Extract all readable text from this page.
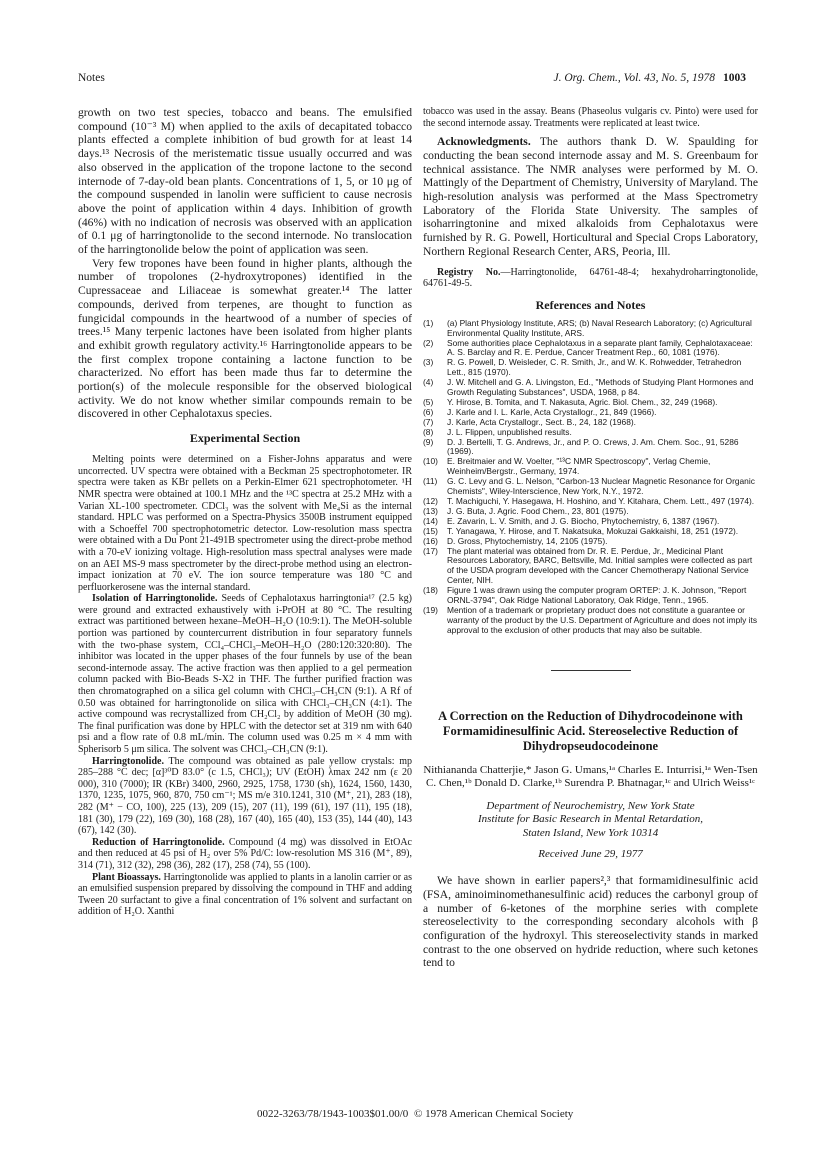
Notes	J. Org. Chem., Vol. 43, No. 5, 1978 1003

growth on two test species, tobacco and beans. The emulsified compound (10⁻³ M) when applied to the axils of decapitated tobacco plants effected a complete inhibition of bud growth for at least 14 days.¹³ Necrosis of the meristematic tissue usually occurred and was also observed in the application of the tropone lactone to the second internode of 7-day-old bean plants. Concentrations of 1, 5, or 10 μg of the compound suspended in lanolin were sufficient to cause necrosis above the point of application within 4 days. Inhibition of growth (46%) with no indication of necrosis was observed with an application of 0.1 μg of harringtonolide to the second internode. No translocation of the harringtonolide below the point of application was seen.

Very few tropones have been found in higher plants, although the number of tropolones (2-hydroxytropones) identified in the Cupressaceae and Liliaceae is somewhat greater.¹⁴ The latter compounds, derived from terpenes, are thought to function as fungicidal compounds in the heartwood of a number of species of trees.¹⁵ Many terpenic lactones have been isolated from higher plants and exhibit growth regulatory activity.¹⁶ Harringtonolide appears to be the first complex tropone containing a lactone function to be characterized. No effort has been made thus far to determine the portion(s) of the molecule responsible for the observed biological activity. We do not know whether similar compounds remain to be discovered in other Cephalotaxus species.

Experimental Section

Melting points were determined on a Fisher-Johns apparatus and were uncorrected. UV spectra were obtained with a Beckman 25 spectrophotometer. IR spectra were taken as KBr pellets on a Perkin-Elmer 621 spectrophotometer. ¹H NMR spectra were obtained at 100.1 MHz and the ¹³C spectra at 25.2 MHz with a Varian XL-100 spectrometer. CDCl₃ was the solvent with Me₄Si as the internal standard. HPLC was performed on a Spectra-Physics 3500B instrument equipped with a Schoeffel 700 spectrophotometric detector. Low-resolution mass spectra were obtained with a Du Pont 21-491B spectrometer using the direct-probe method with a 70-eV ionizing voltage. High-resolution mass spectral analyses were made on an AEI MS-9 mass spectrometer by the direct-probe method using an electron-impact ionization at 70 eV. The ion source temperature was 180 °C and perfluorkerosene was the internal standard.

Isolation of Harringtonolide. Seeds of Cephalotaxus harringtonia¹⁷ (2.5 kg) were ground and extracted exhaustively with i-PrOH at 80 °C. The resulting extract was partitioned between hexane–MeOH–H₂O (10:9:1). The MeOH-soluble portion was partioned by countercurrent distribution in four separatory funnels with the two-phase system, CCl₄–CHCl₃–MeOH–H₂O (280:120:320:80). The inhibitor was located in the upper phases of the four funnels by use of the bean second-internode assay. The active fraction was then applied to a gel permeation column packed with Bio-Beads S-X2 in THF. The further purified fraction was then chromatographed on a silica gel column with CHCl₃–CH₃CN (9:1). A Rf of 0.50 was obtained for harringtonolide on silica with CHCl₃–CH₃CN (4:1). The active compound was recrystallized from CH₂Cl₂ by addition of MeOH (30 mg). The final purification was done by HPLC with the detector set at 319 nm with 640 psi and a flow rate of 0.8 mL/min. The column used was 0.25 m × 4 mm with Spherisorb 5 μm silica. The solvent was CHCl₃–CH₃CN (9:1).

Harringtonolide. The compound was obtained as pale yellow crystals: mp 285–288 °C dec; [α]³⁰D 83.0° (c 1.5, CHCl₃); UV (EtOH) λmax 242 nm (ε 20 000), 310 (7000); IR (KBr) 3400, 2960, 2925, 1758, 1730 (sh), 1624, 1560, 1430, 1370, 1235, 1075, 960, 870, 750 cm⁻¹; MS m/e 310.1241, 310 (M⁺, 21), 283 (18), 282 (M⁺ − CO, 100), 225 (13), 209 (15), 207 (11), 199 (61), 197 (11), 195 (18), 181 (30), 179 (22), 169 (30), 168 (28), 167 (40), 165 (40), 153 (35), 144 (40), 143 (67), 142 (30).

Reduction of Harringtonolide. Compound (4 mg) was dissolved in EtOAc and then reduced at 45 psi of H₂ over 5% Pd/C: low-resolution MS 316 (M⁺, 89), 314 (71), 312 (32), 298 (36), 282 (17), 258 (74), 55 (100).

Plant Bioassays. Harringtonolide was applied to plants in a lanolin carrier or as an emulsified suspension prepared by dissolving the compound in THF and adding Tween 20 surfactant to give a final concentration of 1% solvent and surfactant on addition of H₂O. Xanthi

tobacco was used in the assay. Beans (Phaseolus vulgaris cv. Pinto) were used for the second internode assay. Treatments were replicated at least twice.

Acknowledgments. The authors thank D. W. Spaulding for conducting the bean second internode assay and M. S. Greenbaum for technical assistance. The NMR analyses were performed by M. O. Mattingly of the Department of Chemistry, University of Maryland. The high-resolution analysis was performed at the Mass Spectrometry Laboratory of the Florida State University. The samples of isoharringtonine and mixed alkaloids from Cephalotaxus were furnished by R. G. Powell, Horticultural and Special Crops Laboratory, Northern Regional Research Center, ARS, Peoria, Ill.

Registry No.—Harringtonolide, 64761-48-4; hexahydroharringtonolide, 64761-49-5.

References and Notes
(1)	(a) Plant Physiology Institute, ARS; (b) Naval Research Laboratory; (c) Agricultural Environmental Quality Institute, ARS.
(2)	Some authorities place Cephalotaxus in a separate plant family, Cephalotaxaceae: A. S. Barclay and R. E. Perdue, Cancer Treatment Rep., 60, 1081 (1976).
(3)	R. G. Powell, D. Weisleder, C. R. Smith, Jr., and W. K. Rohwedder, Tetrahedron Lett., 815 (1970).
(4)	J. W. Mitchell and G. A. Livingston, Ed., "Methods of Studying Plant Hormones and Growth Regulating Substances", USDA, 1968, p 84.
(5)	Y. Hirose, B. Tomita, and T. Nakasuta, Agric. Biol. Chem., 32, 249 (1968).
(6)	J. Karle and I. L. Karle, Acta Crystallogr., 21, 849 (1966).
(7)	J. Karle, Acta Crystallogr., Sect. B., 24, 182 (1968).
(8)	J. L. Flippen, unpublished results.
(9)	D. J. Bertelli, T. G. Andrews, Jr., and P. O. Crews, J. Am. Chem. Soc., 91, 5286 (1969).
(10)	E. Breitmaier and W. Voelter, "¹³C NMR Spectroscopy", Verlag Chemie, Weinheim/Bergstr., Germany, 1974.
(11)	G. C. Levy and G. L. Nelson, "Carbon-13 Nuclear Magnetic Resonance for Organic Chemists", Wiley-Interscience, New York, N.Y., 1972.
(12)	T. Machiguchi, Y. Hasegawa, H. Hoshino, and Y. Kitahara, Chem. Lett., 497 (1974).
(13)	J. G. Buta, J. Agric. Food Chem., 23, 801 (1975).
(14)	E. Zavarin, L. V. Smith, and J. G. Biocho, Phytochemistry, 6, 1387 (1967).
(15)	T. Yanagawa, Y. Hirose, and T. Nakatsuka, Mokuzai Gakkaishi, 18, 251 (1972).
(16)	D. Gross, Phytochemistry, 14, 2105 (1975).
(17)	The plant material was obtained from Dr. R. E. Perdue, Jr., Medicinal Plant Resources Laboratory, BARC, Beltsville, Md. Initial samples were collected as part of the USDA program developed with the Cancer Chemotherapy National Service Center, NIH.
(18)	Figure 1 was drawn using the computer program ORTEP: J. K. Johnson, "Report ORNL-3794", Oak Ridge National Laboratory, Oak Ridge, Tenn., 1965.
(19)	Mention of a trademark or proprietary product does not constitute a guarantee or warranty of the product by the U.S. Department of Agriculture and does not imply its approval to the exclusion of other products that may also be suitable.
A Correction on the Reduction of Dihydrocodeinone with Formamidinesulfinic Acid. Stereoselective Reduction of Dihydropseudocodeinone
Nithiananda Chatterjie,* Jason G. Umans,¹ᵃ Charles E. Inturrisi,¹ᵃ Wen-Tsen C. Chen,¹ᵇ Donald D. Clarke,¹ᵇ Surendra P. Bhatnagar,¹ᶜ and Ulrich Weiss¹ᶜ
Department of Neurochemistry, New York State
Institute for Basic Research in Mental Retardation,
Staten Island, New York 10314
Received June 29, 1977

We have shown in earlier papers²,³ that formamidinesulfinic acid (FSA, aminoiminomethanesulfinic acid) reduces the carbonyl group of a number of 6-ketones of the morphine series with complete stereoselectivity to the corresponding secondary alcohols with β configuration of the hydroxyl. This stereoselectivity stands in marked contrast to the one observed on hydride reduction, where such ketones tend to

0022-3263/78/1943-1003$01.00/0 © 1978 American Chemical Society
